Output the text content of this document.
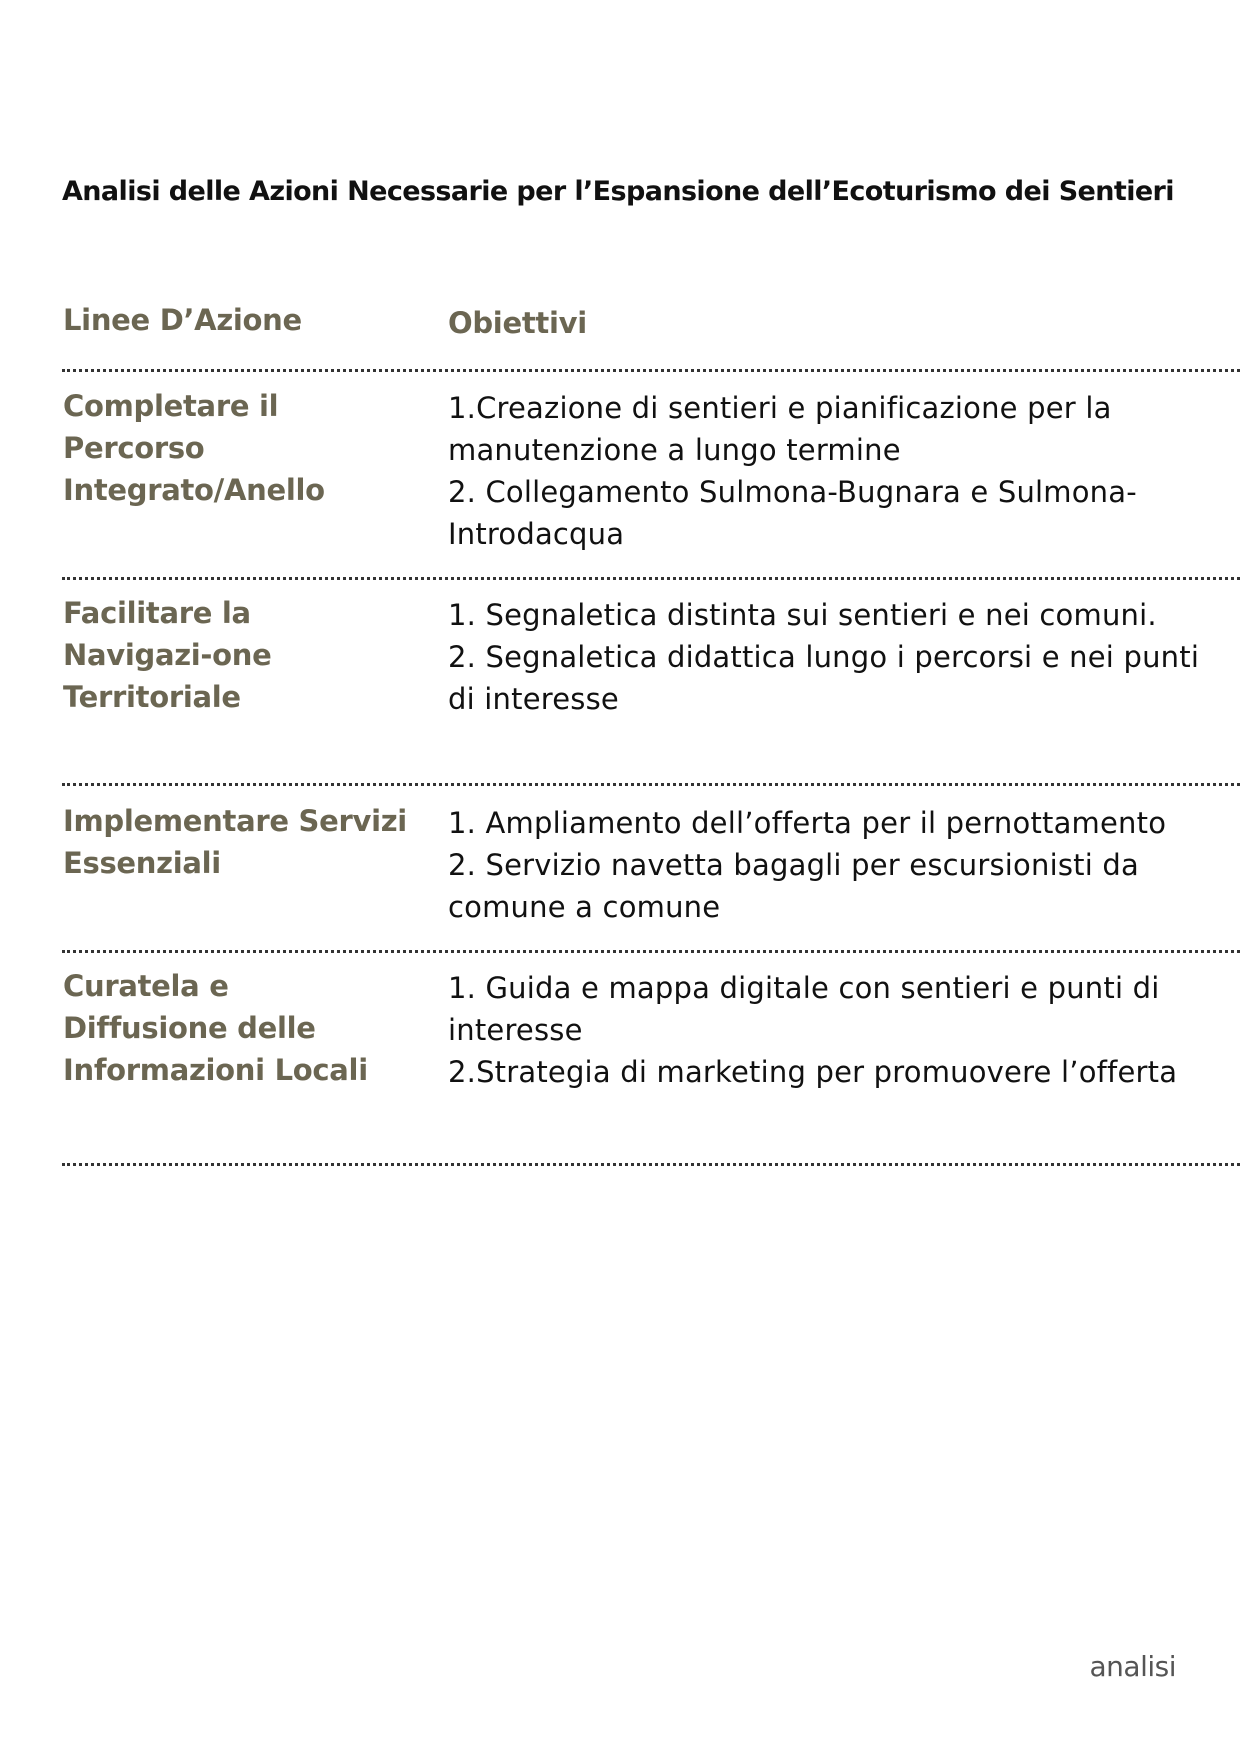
Analisi delle Azioni Necessarie per l’Espansione dell’Ecoturismo dei Sentieri
Linee D’Azione	Obiettivi
Completare il Percorso Integrato/Anello
1.Creazione di sentieri e pianificazione per la manutenzione a lungo termine
2. Collegamento Sulmona-Bugnara e Sulmona-Introdacqua
Facilitare la Navigazi-one Territoriale
1. Segnaletica distinta sui sentieri e nei comuni.
2. Segnaletica didattica lungo i percorsi e nei punti di interesse
Implementare Servizi Essenziali
1. Ampliamento dell’offerta per il pernottamento
2. Servizio navetta bagagli per escursionisti da comune a comune
Curatela e Diffusione delle Informazioni Locali
1. Guida e mappa digitale con sentieri e punti di interesse
2.Strategia di marketing per promuovere l’offerta
analisi
